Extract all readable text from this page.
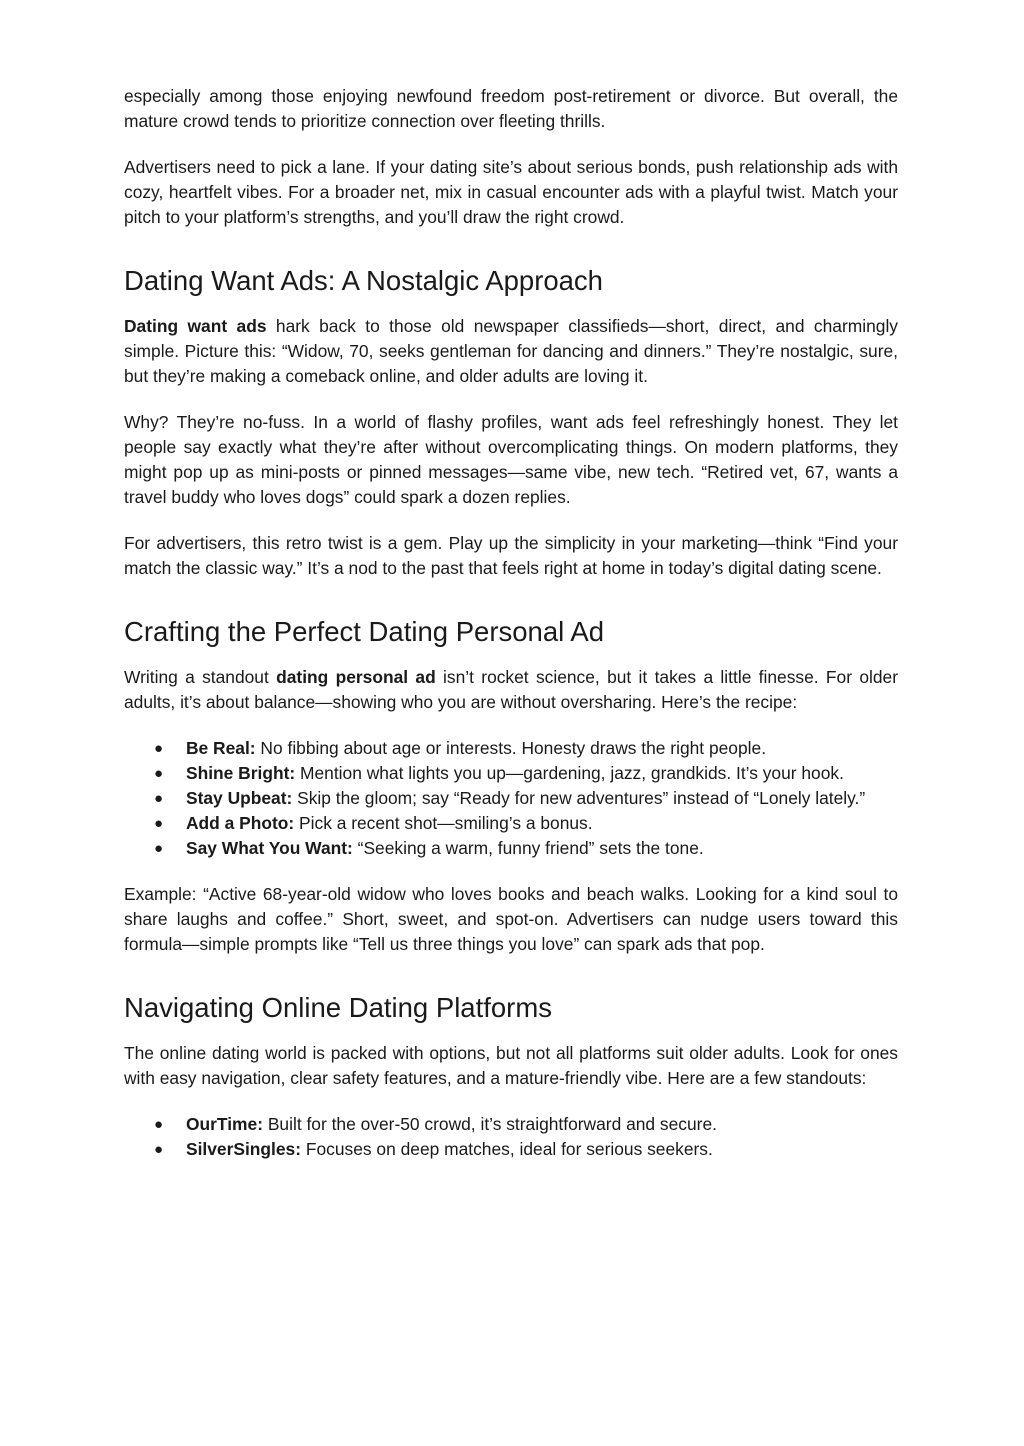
especially among those enjoying newfound freedom post-retirement or divorce. But overall, the mature crowd tends to prioritize connection over fleeting thrills.

Advertisers need to pick a lane. If your dating site’s about serious bonds, push relationship ads with cozy, heartfelt vibes. For a broader net, mix in casual encounter ads with a playful twist. Match your pitch to your platform’s strengths, and you’ll draw the right crowd.

Dating Want Ads: A Nostalgic Approach

Dating want ads hark back to those old newspaper classifieds—short, direct, and charmingly simple. Picture this: “Widow, 70, seeks gentleman for dancing and dinners.” They’re nostalgic, sure, but they’re making a comeback online, and older adults are loving it.

Why? They’re no-fuss. In a world of flashy profiles, want ads feel refreshingly honest. They let people say exactly what they’re after without overcomplicating things. On modern platforms, they might pop up as mini-posts or pinned messages—same vibe, new tech. “Retired vet, 67, wants a travel buddy who loves dogs” could spark a dozen replies.

For advertisers, this retro twist is a gem. Play up the simplicity in your marketing—think “Find your match the classic way.” It’s a nod to the past that feels right at home in today’s digital dating scene.

Crafting the Perfect Dating Personal Ad

Writing a standout dating personal ad isn’t rocket science, but it takes a little finesse. For older adults, it’s about balance—showing who you are without oversharing. Here’s the recipe:

● Be Real: No fibbing about age or interests. Honesty draws the right people.
● Shine Bright: Mention what lights you up—gardening, jazz, grandkids. It’s your hook.
● Stay Upbeat: Skip the gloom; say “Ready for new adventures” instead of “Lonely lately.”
● Add a Photo: Pick a recent shot—smiling’s a bonus.
● Say What You Want: “Seeking a warm, funny friend” sets the tone.

Example: “Active 68-year-old widow who loves books and beach walks. Looking for a kind soul to share laughs and coffee.” Short, sweet, and spot-on. Advertisers can nudge users toward this formula—simple prompts like “Tell us three things you love” can spark ads that pop.

Navigating Online Dating Platforms

The online dating world is packed with options, but not all platforms suit older adults. Look for ones with easy navigation, clear safety features, and a mature-friendly vibe. Here are a few standouts:

● OurTime: Built for the over-50 crowd, it’s straightforward and secure.
● SilverSingles: Focuses on deep matches, ideal for serious seekers.
